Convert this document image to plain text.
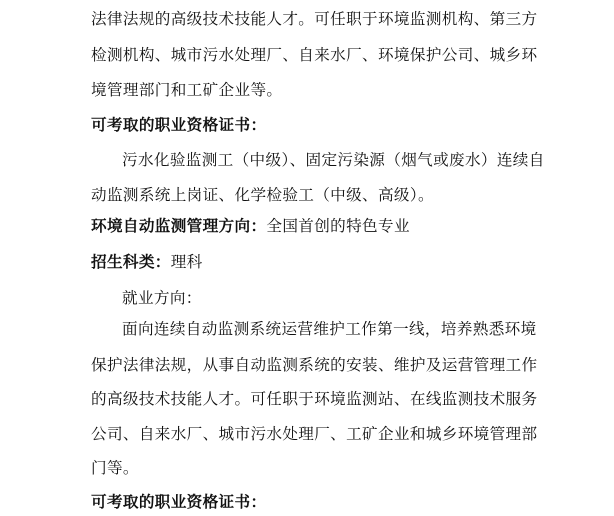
法律法规的高级技术技能人才。可任职于环境监测机构、第三方
检测机构、城市污水处理厂、自来水厂、环境保护公司、城乡环
境管理部门和工矿企业等。
可考取的职业资格证书：
污水化验监测工（中级）、固定污染源（烟气或废水）连续自
动监测系统上岗证、化学检验工（中级、高级）。
环境自动监测管理方向：全国首创的特色专业
招生科类：理科
就业方向：
面向连续自动监测系统运营维护工作第一线，培养熟悉环境
保护法律法规，从事自动监测系统的安装、维护及运营管理工作
的高级技术技能人才。可任职于环境监测站、在线监测技术服务
公司、自来水厂、城市污水处理厂、工矿企业和城乡环境管理部
门等。
可考取的职业资格证书：
